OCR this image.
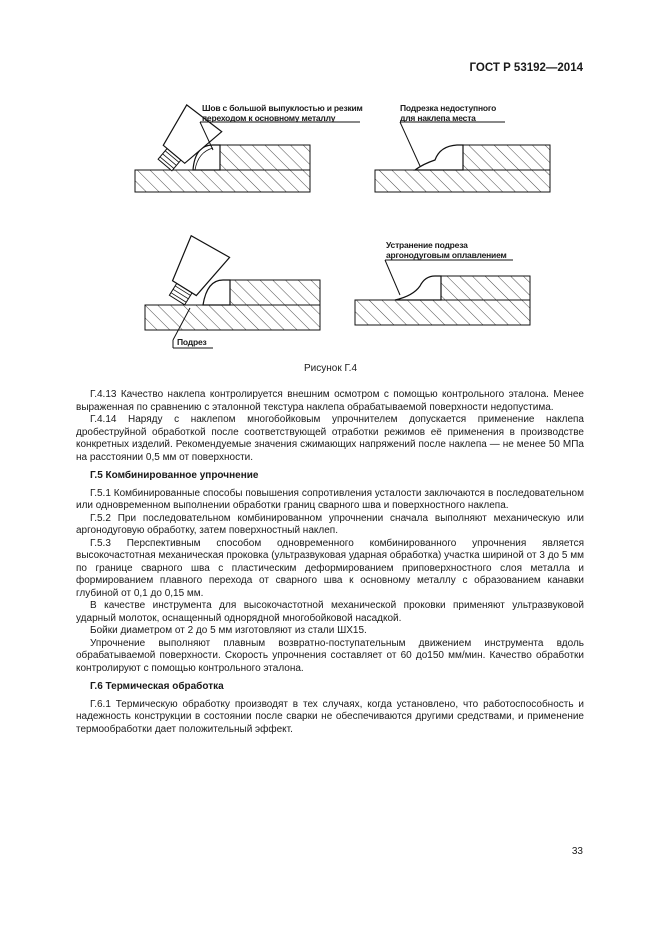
ГОСТ Р 53192—2014
Шов с большой выпуклостью и резким
переходом к основному металлу
Подрезка недоступного
для наклепа места
Устранение подреза
аргонодуговым оплавлением
Подрез
Рисунок Г.4

Г.4.13 Качество наклепа контролируется внешним осмотром с помощью контрольного эталона. Менее выраженная по сравнению с эталонной текстура наклепа обрабатываемой поверхности недопустима.

Г.4.14 Наряду с наклепом многобойковым упрочнителем допускается применение наклепа дробеструйной обработкой после соответствующей отработки режимов её применения в производстве конкретных изделий. Рекомендуемые значения сжимающих напряжений после наклепа — не менее 50 МПа на расстоянии 0,5 мм от поверхности.

Г.5 Комбинированное упрочнение

Г.5.1 Комбинированные способы повышения сопротивления усталости заключаются в последовательном или одновременном выполнении обработки границ сварного шва и поверхностного наклепа.

Г.5.2 При последовательном комбинированном упрочнении сначала выполняют механическую или аргонодуговую обработку, затем поверхностный наклеп.

Г.5.3 Перспективным способом одновременного комбинированного упрочнения является высокочастотная механическая проковка (ультразвуковая ударная обработка) участка шириной от 3 до 5 мм по границе сварного шва с пластическим деформированием приповерхностного слоя металла и формированием плавного перехода от сварного шва к основному металлу с образованием канавки глубиной от 0,1 до 0,15 мм.

В качестве инструмента для высокочастотной механической проковки применяют ультразвуковой ударный молоток, оснащенный однорядной многобойковой насадкой.

Бойки диаметром от 2 до 5 мм изготовляют из стали ШХ15.

Упрочнение выполняют плавным возвратно-поступательным движением инструмента вдоль обрабатываемой поверхности. Скорость упрочнения составляет от 60 до150 мм/мин. Качество обработки контролируют с помощью контрольного эталона.

Г.6 Термическая обработка

Г.6.1 Термическую обработку производят в тех случаях, когда установлено, что работоспособность и надежность конструкции в состоянии после сварки не обеспечиваются другими средствами, и применение термообработки дает положительный эффект.

33
